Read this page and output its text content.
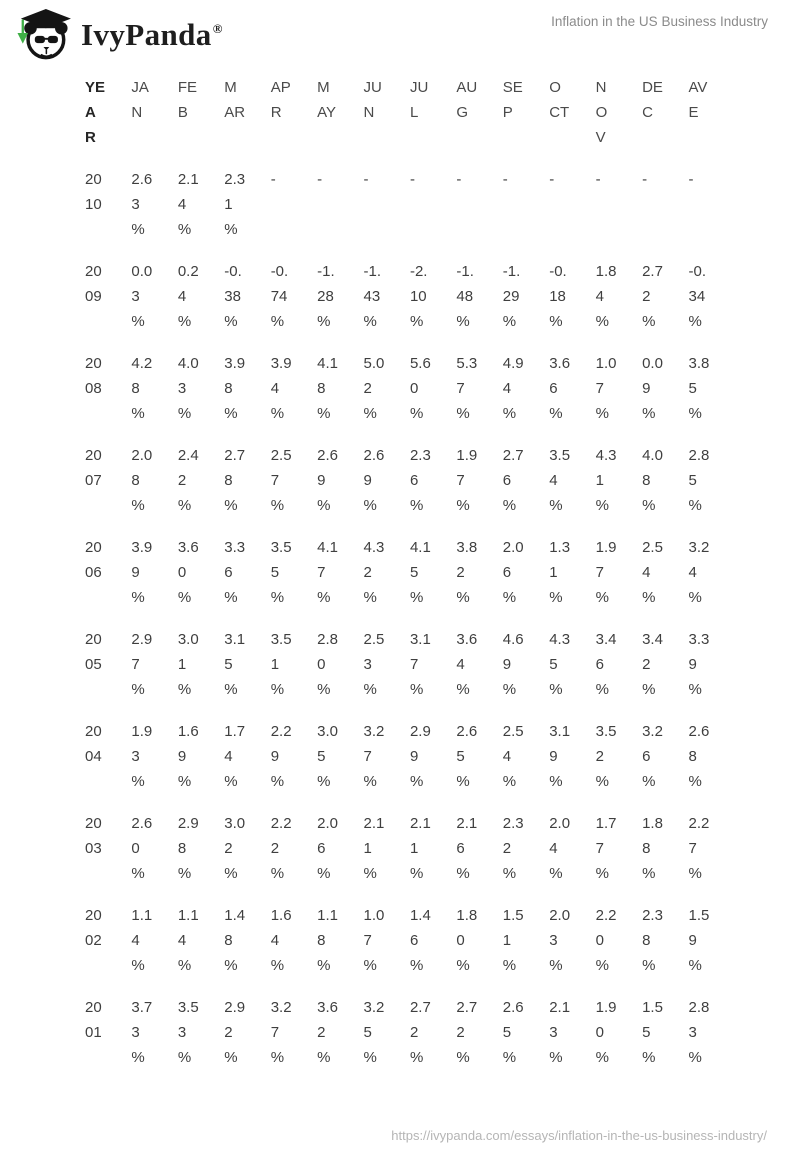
IvyPanda®	Inflation in the US Business Industry
YEAR	JAN	FEB	MAR	APR	MAY	JUN	JUL	AUG	SEP	OCT	NOV	DEC	AVE
2010	2.63%	2.14%	2.31%	-	-	-	-	-	-	-	-	-	-
2009	0.03%	0.24%	-0.38%	-0.74%	-1.28%	-1.43%	-2.10%	-1.48%	-1.29%	-0.18%	1.84%	2.72%	-0.34%
2008	4.28%	4.03%	3.98%	3.94%	4.18%	5.02%	5.60%	5.37%	4.94%	3.66%	1.07%	0.09%	3.85%
2007	2.08%	2.42%	2.78%	2.57%	2.69%	2.69%	2.36%	1.97%	2.76%	3.54%	4.31%	4.08%	2.85%
2006	3.99%	3.60%	3.36%	3.55%	4.17%	4.32%	4.15%	3.82%	2.06%	1.31%	1.97%	2.54%	3.24%
2005	2.97%	3.01%	3.15%	3.51%	2.80%	2.53%	3.17%	3.64%	4.69%	4.35%	3.46%	3.42%	3.39%
2004	1.93%	1.69%	1.74%	2.29%	3.05%	3.27%	2.99%	2.65%	2.54%	3.19%	3.52%	3.26%	2.68%
2003	2.60%	2.98%	3.02%	2.22%	2.06%	2.11%	2.11%	2.16%	2.32%	2.04%	1.77%	1.88%	2.27%
2002	1.14%	1.14%	1.48%	1.64%	1.18%	1.07%	1.46%	1.80%	1.51%	2.03%	2.20%	2.38%	1.59%
2001	3.73%	3.53%	2.92%	3.27%	3.62%	3.25%	2.72%	2.72%	2.65%	2.13%	1.90%	1.55%	2.83%
https://ivypanda.com/essays/inflation-in-the-us-business-industry/
